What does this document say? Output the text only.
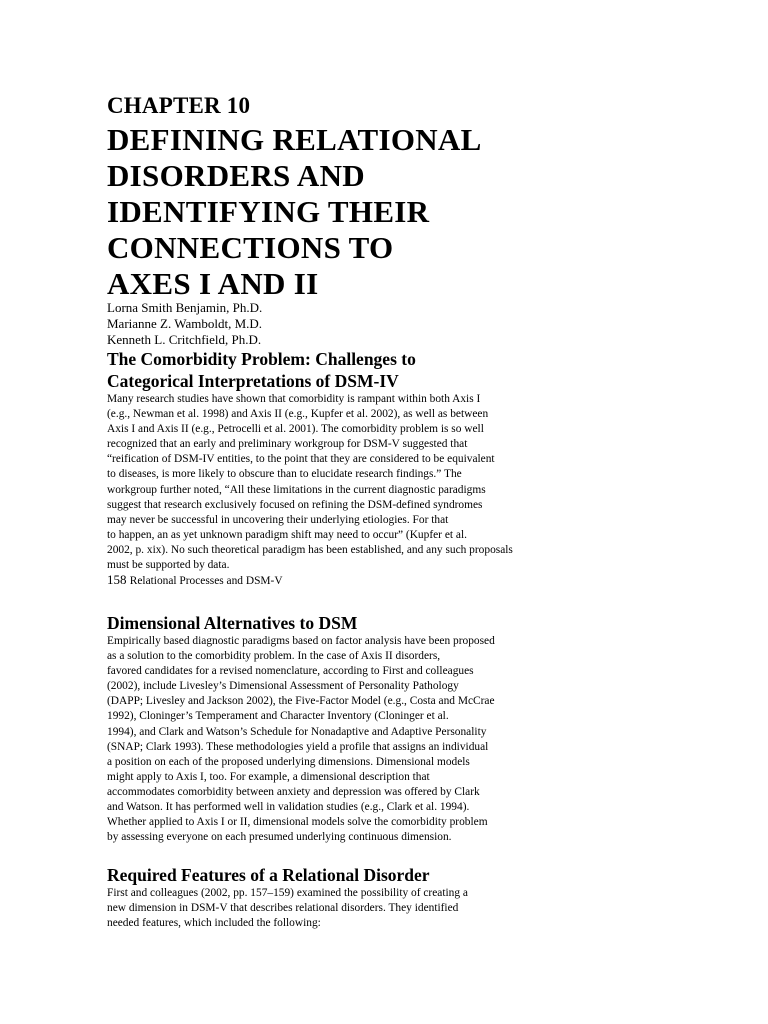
CHAPTER 10
DEFINING RELATIONAL
DISORDERS AND
IDENTIFYING THEIR
CONNECTIONS TO
AXES I AND II
Lorna Smith Benjamin, Ph.D.
Marianne Z. Wamboldt, M.D.
Kenneth L. Critchfield, Ph.D.
The Comorbidity Problem: Challenges to
Categorical Interpretations of DSM-IV
Many research studies have shown that comorbidity is rampant within both Axis I
(e.g., Newman et al. 1998) and Axis II (e.g., Kupfer et al. 2002), as well as between
Axis I and Axis II (e.g., Petrocelli et al. 2001). The comorbidity problem is so well
recognized that an early and preliminary workgroup for DSM-V suggested that
“reification of DSM-IV entities, to the point that they are considered to be equivalent
to diseases, is more likely to obscure than to elucidate research findings.” The
workgroup further noted, “All these limitations in the current diagnostic paradigms
suggest that research exclusively focused on refining the DSM-defined syndromes
may never be successful in uncovering their underlying etiologies. For that
to happen, an as yet unknown paradigm shift may need to occur” (Kupfer et al.
2002, p. xix). No such theoretical paradigm has been established, and any such proposals
must be supported by data.
158 Relational Processes and DSM-V
Dimensional Alternatives to DSM
Empirically based diagnostic paradigms based on factor analysis have been proposed
as a solution to the comorbidity problem. In the case of Axis II disorders,
favored candidates for a revised nomenclature, according to First and colleagues
(2002), include Livesley’s Dimensional Assessment of Personality Pathology
(DAPP; Livesley and Jackson 2002), the Five-Factor Model (e.g., Costa and McCrae
1992), Cloninger’s Temperament and Character Inventory (Cloninger et al.
1994), and Clark and Watson’s Schedule for Nonadaptive and Adaptive Personality
(SNAP; Clark 1993). These methodologies yield a profile that assigns an individual
a position on each of the proposed underlying dimensions. Dimensional models
might apply to Axis I, too. For example, a dimensional description that
accommodates comorbidity between anxiety and depression was offered by Clark
and Watson. It has performed well in validation studies (e.g., Clark et al. 1994).
Whether applied to Axis I or II, dimensional models solve the comorbidity problem
by assessing everyone on each presumed underlying continuous dimension.
Required Features of a Relational Disorder
First and colleagues (2002, pp. 157–159) examined the possibility of creating a
new dimension in DSM-V that describes relational disorders. They identified
needed features, which included the following:
